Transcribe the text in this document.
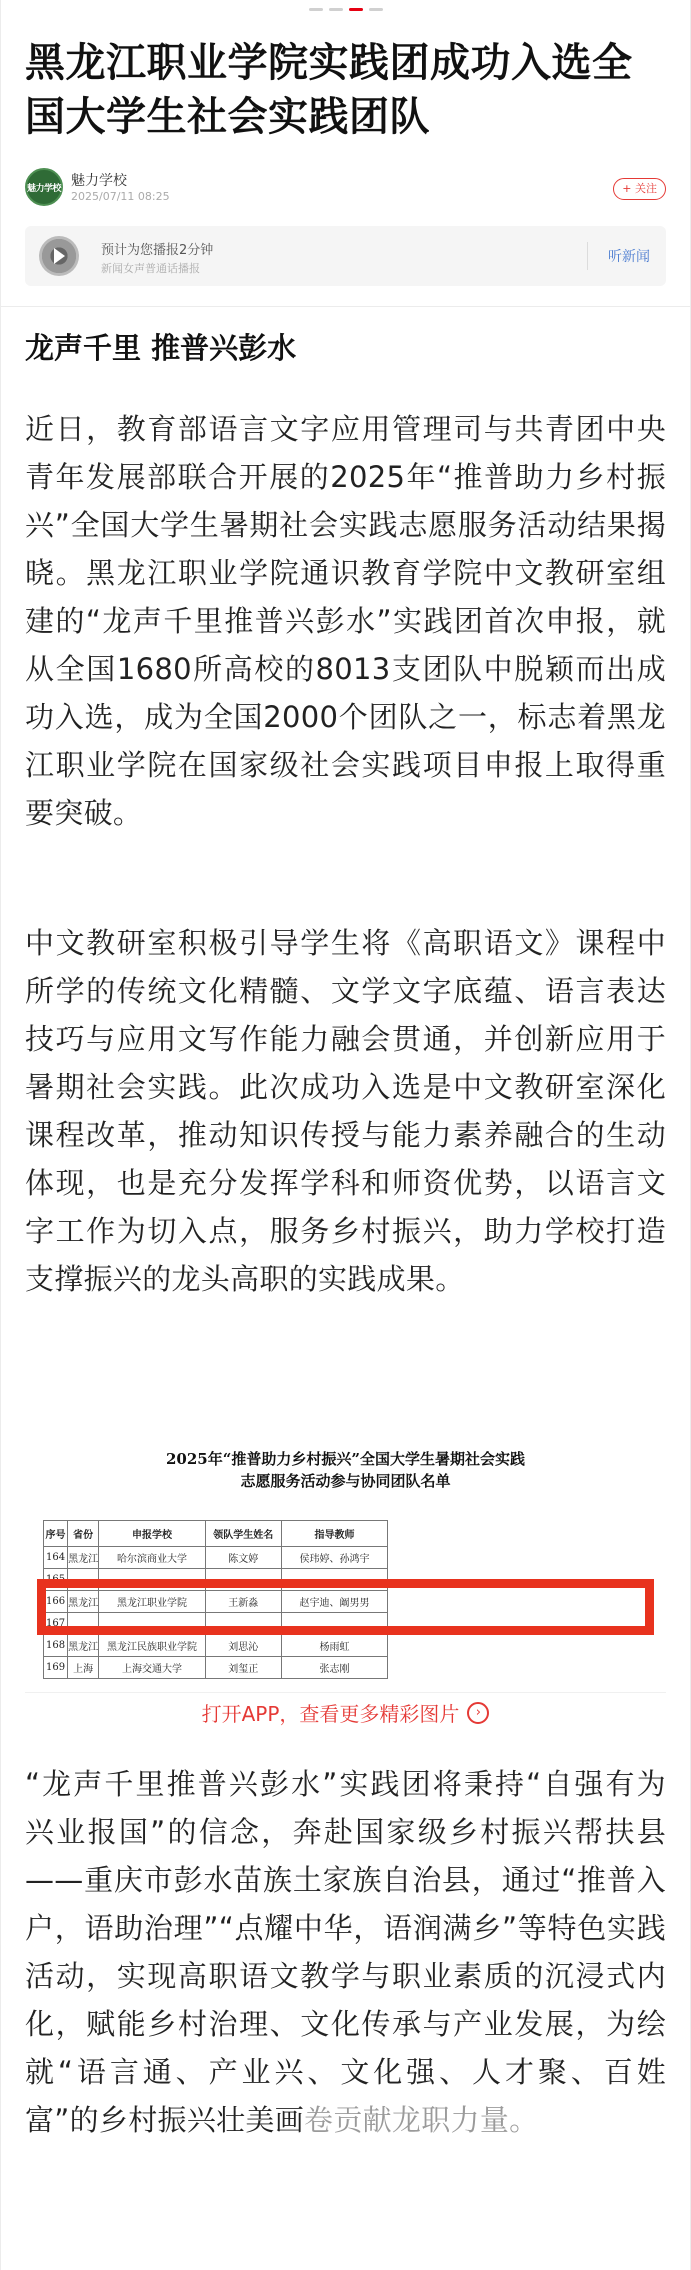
黑龙江职业学院实践团成功入选全国大学生社会实践团队
魅力学校 魅力学校
2025/07/11 08:25
+ 关注
预计为您播报2分钟
新闻女声普通话播报
听新闻
龙声千里 推普兴彭水

近日，教育部语言文字应用管理司与共青团中央青年发展部联合开展的2025年“推普助力乡村振兴”全国大学生暑期社会实践志愿服务活动结果揭晓。黑龙江职业学院通识教育学院中文教研室组建的“龙声千里推普兴彭水”实践团首次申报，就从全国1680所高校的8013支团队中脱颖而出成功入选，成为全国2000个团队之一，标志着黑龙江职业学院在国家级社会实践项目申报上取得重要突破。

中文教研室积极引导学生将《高职语文》课程中所学的传统文化精髓、文学文字底蕴、语言表达技巧与应用文写作能力融会贯通，并创新应用于暑期社会实践。此次成功入选是中文教研室深化课程改革，推动知识传授与能力素养融合的生动体现，也是充分发挥学科和师资优势，以语言文字工作为切入点，服务乡村振兴，助力学校打造支撑振兴的龙头高职的实践成果。

2025年“推普助力乡村振兴”全国大学生暑期社会实践
志愿服务活动参与协同团队名单
序号	省份	申报学校	领队学生姓名	指导教师
164	黑龙江	哈尔滨商业大学	陈文婷	侯玮婷、孙鸿宇
165				
166	黑龙江	黑龙江职业学院	王新淼	赵宇迪、阚男男
167				
168	黑龙江	黑龙江民族职业学院	刘思沁	杨雨虹
169	上海	上海交通大学	刘玺正	张志刚
打开APP，查看更多精彩图片	›

“龙声千里推普兴彭水”实践团将秉持“自强有为 兴业报国”的信念，奔赴国家级乡村振兴帮扶县——重庆市彭水苗族土家族自治县，通过“推普入户，语助治理”“点耀中华，语润满乡”等特色实践活动，实现高职语文教学与职业素质的沉浸式内化，赋能乡村治理、文化传承与产业发展，为绘就“语言通、产业兴、文化强、人才聚、百姓富”的乡村振兴壮美画卷贡献龙职力量。
